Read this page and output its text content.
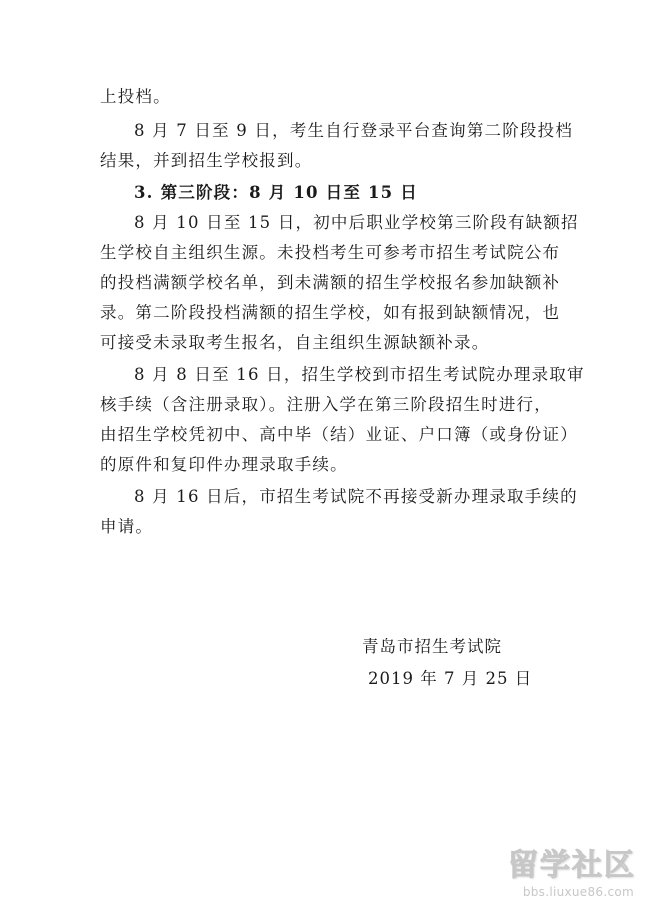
上投档。
8 月 7 日至 9 日，考生自行登录平台查询第二阶段投档
结果，并到招生学校报到。
3. 第三阶段：8 月 10 日至 15 日
8 月 10 日至 15 日，初中后职业学校第三阶段有缺额招
生学校自主组织生源。未投档考生可参考市招生考试院公布
的投档满额学校名单，到未满额的招生学校报名参加缺额补
录。第二阶段投档满额的招生学校，如有报到缺额情况，也
可接受未录取考生报名，自主组织生源缺额补录。
8 月 8 日至 16 日，招生学校到市招生考试院办理录取审
核手续（含注册录取）。注册入学在第三阶段招生时进行，
由招生学校凭初中、高中毕（结）业证、户口簿（或身份证）
的原件和复印件办理录取手续。
8 月 16 日后，市招生考试院不再接受新办理录取手续的
申请。
青岛市招生考试院
2019 年 7 月 25 日
留学社区
bbs.liuxue86.com
